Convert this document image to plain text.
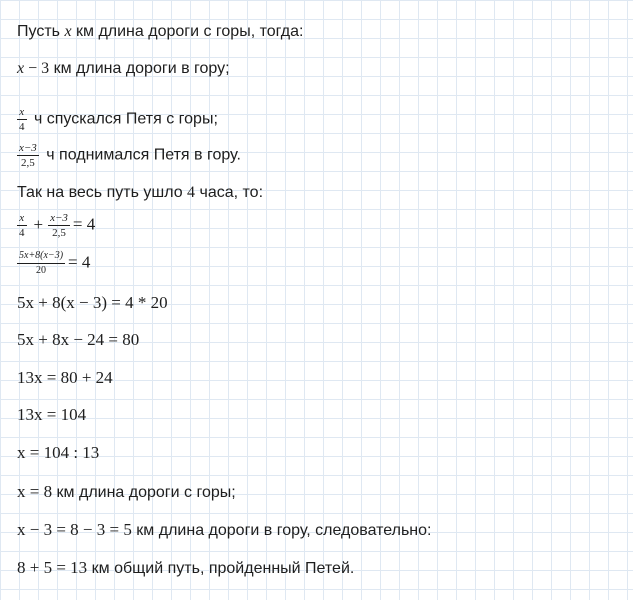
Пусть x км длина дороги с горы, тогда:
x − 3 км длина дороги в гору;
$\frac{x}{4}$ ч спускался Петя с горы;
$\frac{x-3}{2,5}$ ч поднимался Петя в гору.
Так на весь путь ушло 4 часа, то:
$\frac{x}{4} + \frac{x-3}{2,5} = 4$
$\frac{5x+8(x-3)}{20} = 4$
5x + 8(x − 3) = 4 * 20
5x + 8x − 24 = 80
13x = 80 + 24
13x = 104
x = 104 : 13
x = 8 км длина дороги с горы;
x − 3 = 8 − 3 = 5 км длина дороги в гору, следовательно:
8 + 5 = 13 км общий путь, пройденный Петей.
